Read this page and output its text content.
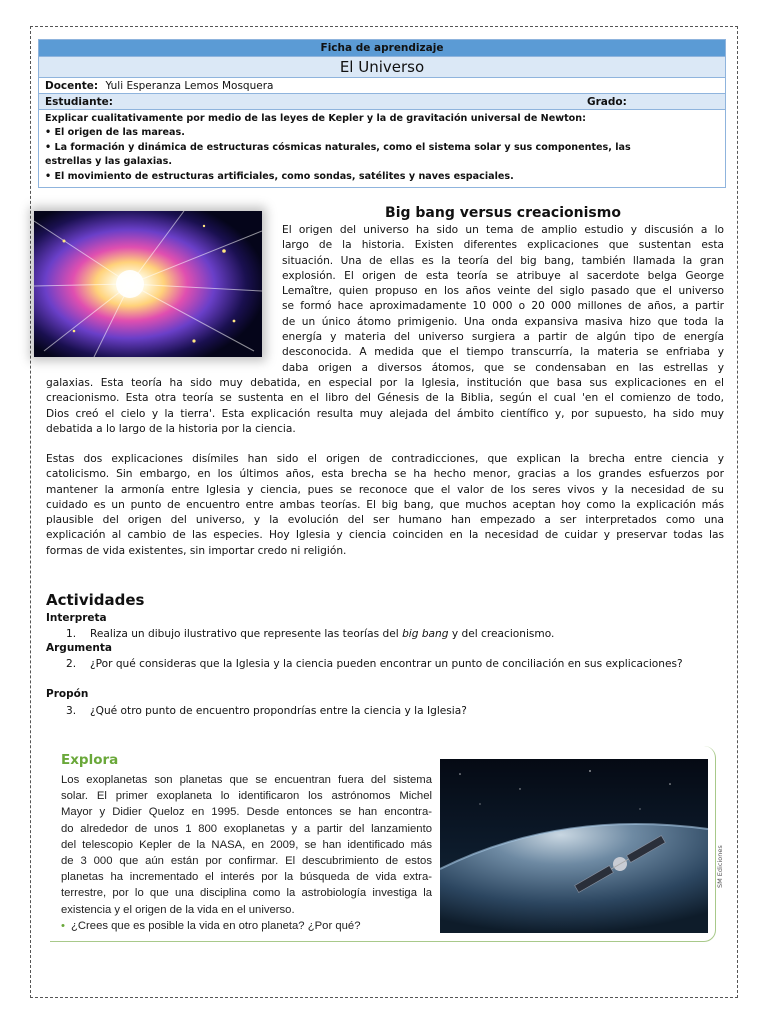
Ficha de aprendizaje
El Universo
Docente: Yuli Esperanza Lemos Mosquera
Estudiante:	Grado:
Explicar cualitativamente por medio de las leyes de Kepler y la de gravitación universal de Newton:
• El origen de las mareas.
• La formación y dinámica de estructuras cósmicas naturales, como el sistema solar y sus componentes, las
estrellas y las galaxias.
• El movimiento de estructuras artificiales, como sondas, satélites y naves espaciales.
Big bang versus creacionismo
El origen del universo ha sido un tema de amplio estudio y discusión a lo
largo de la historia. Existen diferentes explicaciones que sustentan esta
situación. Una de ellas es la teoría del big bang, también llamada la gran
explosión. El origen de esta teoría se atribuye al sacerdote belga George
Lemaître, quien propuso en los años veinte del siglo pasado que el universo
se formó hace aproximadamente 10 000 o 20 000 millones de años, a partir
de un único átomo primigenio. Una onda expansiva masiva hizo que toda la
energía y materia del universo surgiera a partir de algún tipo de energía
desconocida. A medida que el tiempo transcurría, la materia se enfriaba y
daba origen a diversos átomos, que se condensaban en las estrellas y
galaxias. Esta teoría ha sido muy debatida, en especial por la Iglesia, institución que basa sus explicaciones en el
creacionismo. Esta otra teoría se sustenta en el libro del Génesis de la Biblia, según el cual 'en el comienzo de todo,
Dios creó el cielo y la tierra'. Esta explicación resulta muy alejada del ámbito científico y, por supuesto, ha sido muy
debatida a lo largo de la historia por la ciencia.
Estas dos explicaciones disímiles han sido el origen de contradicciones, que explican la brecha entre ciencia y
catolicismo. Sin embargo, en los últimos años, esta brecha se ha hecho menor, gracias a los grandes esfuerzos por
mantener la armonía entre Iglesia y ciencia, pues se reconoce que el valor de los seres vivos y la necesidad de su
cuidado es un punto de encuentro entre ambas teorías. El big bang, que muchos aceptan hoy como la explicación más
plausible del origen del universo, y la evolución del ser humano han empezado a ser interpretados como una
explicación al cambio de las especies. Hoy Iglesia y ciencia coinciden en la necesidad de cuidar y preservar todas las
formas de vida existentes, sin importar credo ni religión.
Actividades
Interpreta
1. Realiza un dibujo ilustrativo que represente las teorías del big bang y del creacionismo.
Argumenta
2. ¿Por qué consideras que la Iglesia y la ciencia pueden encontrar un punto de conciliación en sus explicaciones?
Propón
3. ¿Qué otro punto de encuentro propondrías entre la ciencia y la Iglesia?
Explora
Los exoplanetas son planetas que se encuentran fuera del sistema
solar. El primer exoplaneta lo identificaron los astrónomos Michel
Mayor y Didier Queloz en 1995. Desde entonces se han encontra-
do alrededor de unos 1 800 exoplanetas y a partir del lanzamiento
del telescopio Kepler de la NASA, en 2009, se han identificado más
de 3 000 que aún están por confirmar. El descubrimiento de estos
planetas ha incrementado el interés por la búsqueda de vida extra-
terrestre, por lo que una disciplina como la astrobiología investiga la
existencia y el origen de la vida en el universo.
• ¿Crees que es posible la vida en otro planeta? ¿Por qué?
SM Ediciones
